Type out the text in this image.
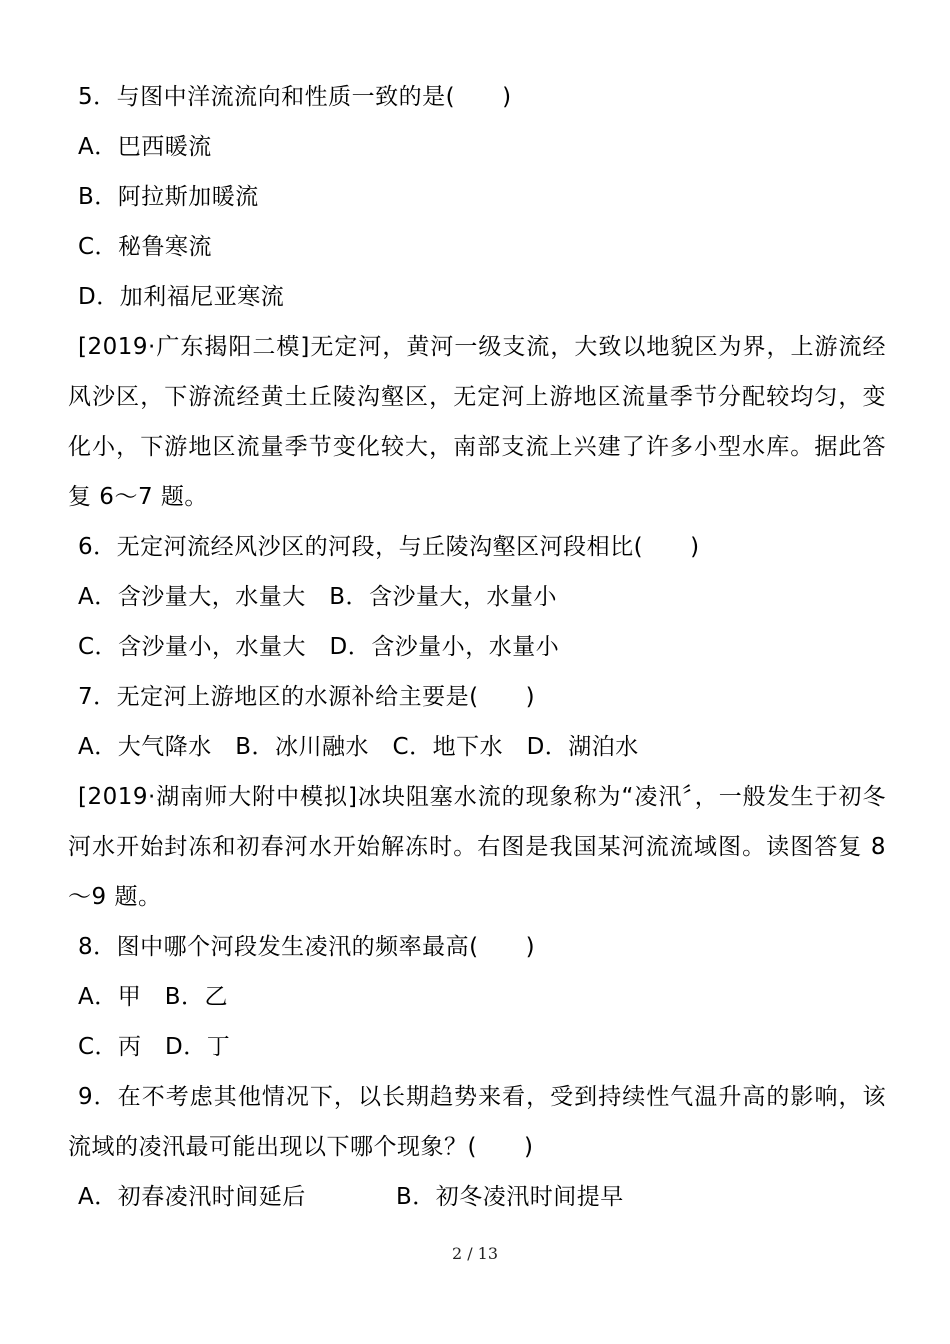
5．与图中洋流流向和性质一致的是(　　)
A．巴西暖流
B．阿拉斯加暖流
C．秘鲁寒流
D．加利福尼亚寒流
[2019·广东揭阳二模]无定河，黄河一级支流，大致以地貌区为界，上游流经风沙区，下游流经黄土丘陵沟壑区，无定河上游地区流量季节分配较均匀，变化小，下游地区流量季节变化较大，南部支流上兴建了许多小型水库。据此答复 6～7 题。
6．无定河流经风沙区的河段，与丘陵沟壑区河段相比(　　)
A．含沙量大，水量大　B．含沙量大，水量小
C．含沙量小，水量大　D．含沙量小，水量小
7．无定河上游地区的水源补给主要是(　　)
A．大气降水　B．冰川融水　C．地下水　D．湖泊水
[2019·湖南师大附中模拟]冰块阻塞水流的现象称为“凌汛〞，一般发生于初冬河水开始封冻和初春河水开始解冻时。右图是我国某河流流域图。读图答复 8～9 题。
8．图中哪个河段发生凌汛的频率最高(　　)
A．甲　B．乙
C．丙　D．丁
9．在不考虑其他情况下，以长期趋势来看，受到持续性气温升高的影响，该流域的凌汛最可能出现以下哪个现象？(　　)
A．初春凌汛时间延后	B．初冬凌汛时间提早
2 / 13
